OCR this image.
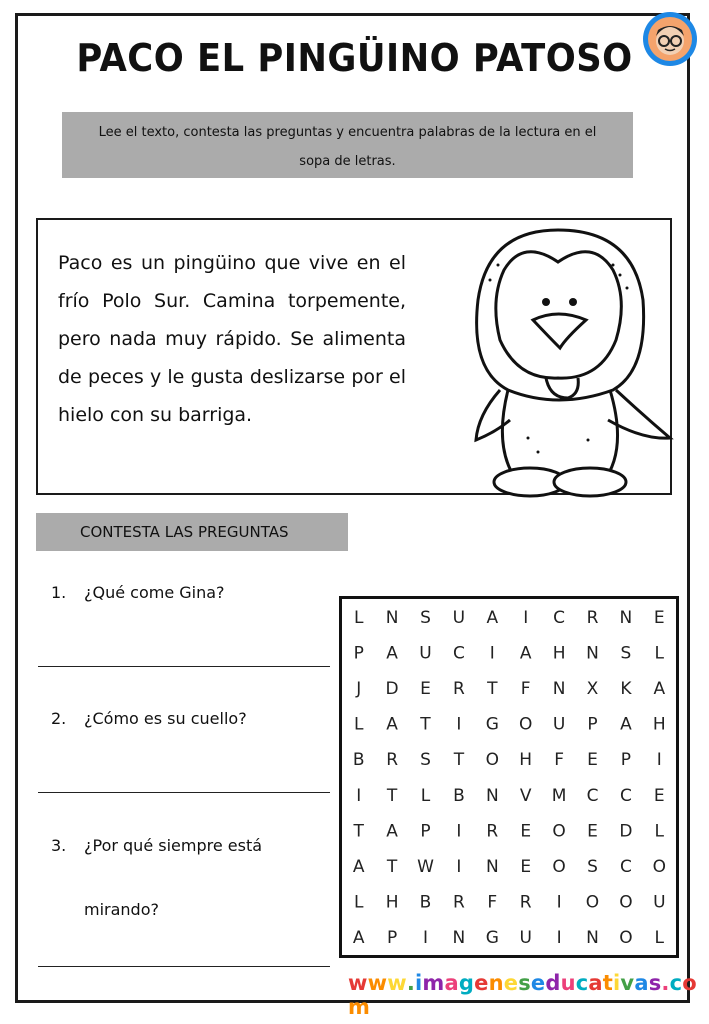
PACO EL PINGÜINO PATOSO
Lee el texto, contesta las preguntas y encuentra palabras de la lectura en el sopa de letras.
Paco es un pingüino que vive en el frío Polo Sur. Camina torpemente, pero nada muy rápido. Se alimenta de peces y le gusta deslizarse por el hielo con su barriga.
CONTESTA LAS PREGUNTAS
1. ¿Qué come Gina?
2. ¿Cómo es su cuello?
3. ¿Por qué siempre está
mirando?
L N S U A I C R N E
P A U C I A H N S L
J D E R T F N X K A
L A T I G O U P A H
B R S T O H F E P I
I T L B N V M C C E
T A P I R E O E D L
A T W I N E O S C O
L H B R F R I O O U
A P I N G U I N O L
www.imageneseducativas.com
